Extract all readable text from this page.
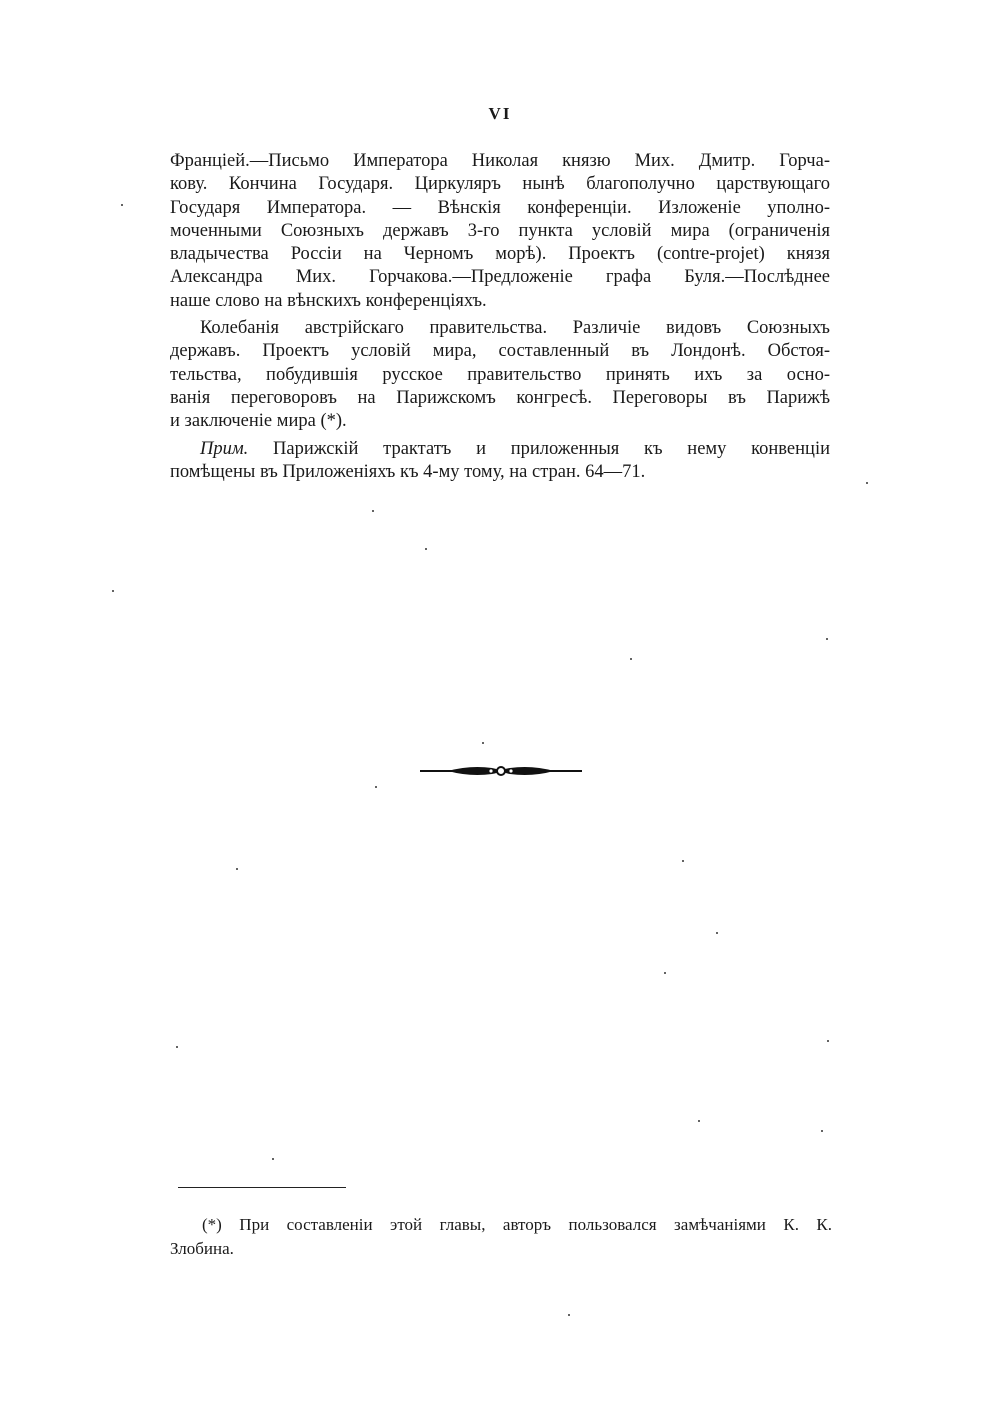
VI
Франціей.—Письмо Императора Николая князю Мих. Дмитр. Горча-
кову. Кончина Государя. Циркуляръ нынѣ благополучно царствующаго
Государя Императора. — Вѣнскія конференціи. Изложеніе уполно-
моченными Союзныхъ державъ 3-го пункта условій мира (ограниченія
владычества Россіи на Черномъ морѣ). Проектъ (contre-projet) князя
Александра Мих. Горчакова.—Предложеніе графа Буля.—Послѣднее
наше слово на вѣнскихъ конференціяхъ.
Колебанія австрійскаго правительства. Различіе видовъ Союзныхъ
державъ. Проектъ условій мира, составленный въ Лондонѣ. Обстоя-
тельства, побудившія русское правительство принять ихъ за осно-
ванія переговоровъ на Парижскомъ конгресѣ. Переговоры въ Парижѣ
и заключеніе мира (*).
Прим. Парижскій трактатъ и приложенныя къ нему конвенціи
помѣщены въ Приложеніяхъ къ 4-му тому, на стран. 64—71.
(*) При составленіи этой главы, авторъ пользовался замѣчаніями К. К.
Злобина.
